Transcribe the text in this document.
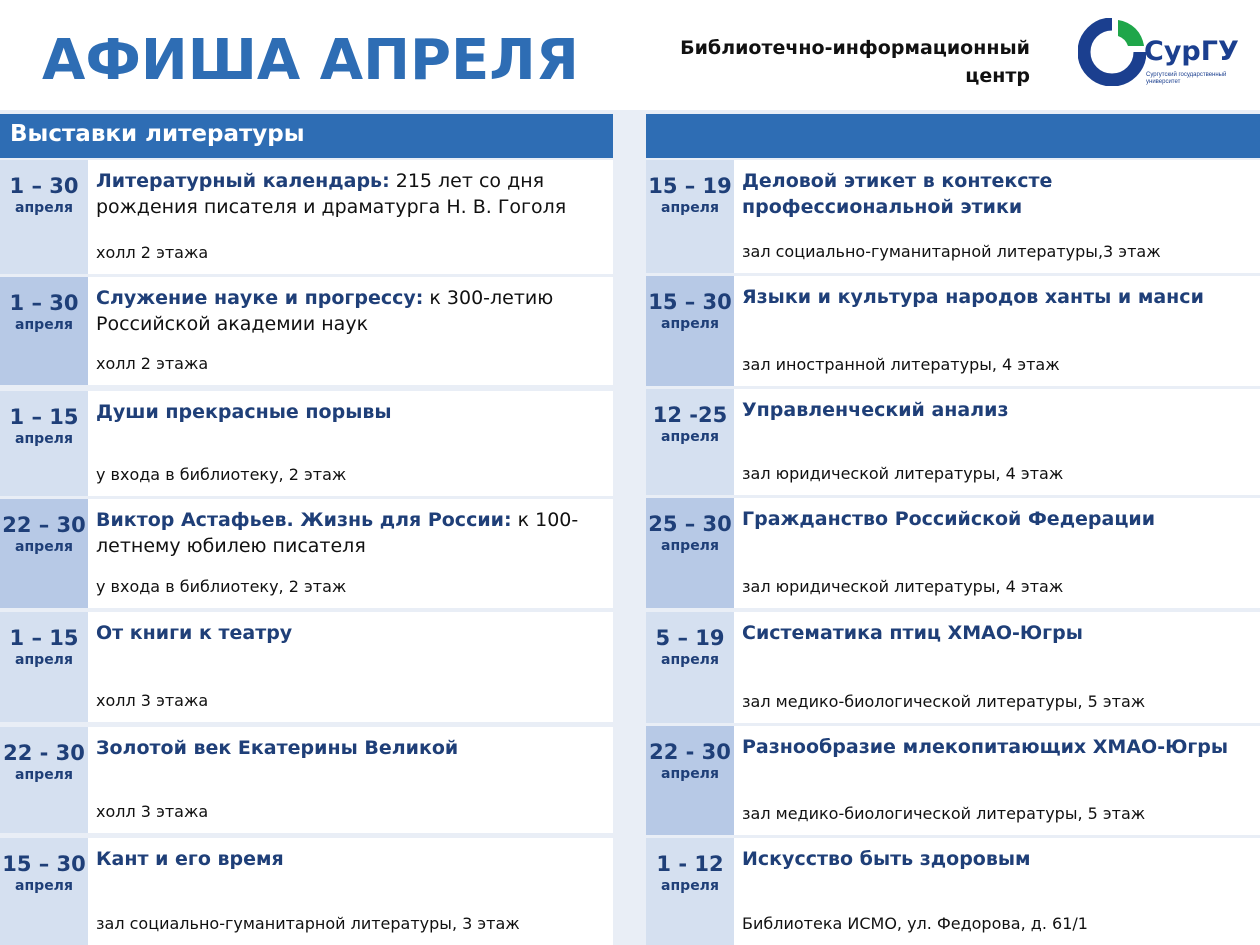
АФИША АПРЕЛЯ	Библиотечно-информационный
центр
СурГУ
Сургутский государственный университет
Выставки литературы
1 – 30
апреля
Литературный календарь: 215 лет со дня рождения писателя и драматурга Н. В. Гоголя
холл 2 этажа
1 – 30
апреля
Служение науке и прогрессу: к 300-летию Российской академии наук
холл 2 этажа
1 – 15
апреля
Души прекрасные порывы
у входа в библиотеку, 2 этаж
22 – 30
апреля
Виктор Астафьев. Жизнь для России: к 100-летнему юбилею писателя
у входа в библиотеку, 2 этаж
1 – 15
апреля
От книги к театру
холл 3 этажа
22 - 30
апреля
Золотой век Екатерины Великой
холл 3 этажа
15 – 30
апреля
Кант и его время
зал социально-гуманитарной литературы, 3 этаж
15 – 19
апреля
Деловой этикет в контексте профессиональной этики
зал социально-гуманитарной литературы,3 этаж
15 – 30
апреля
Языки и культура народов ханты и манси
зал иностранной литературы, 4 этаж
12 -25
апреля
Управленческий анализ
зал юридической литературы, 4 этаж
25 – 30
апреля
Гражданство Российской Федерации
зал юридической литературы, 4 этаж
5 – 19
апреля
Систематика птиц ХМАО-Югры
зал медико-биологической литературы, 5 этаж
22 - 30
апреля
Разнообразие млекопитающих ХМАО-Югры
зал медико-биологической литературы, 5 этаж
1 - 12
апреля
Искусство быть здоровым
Библиотека ИСМО, ул. Федорова, д. 61/1
